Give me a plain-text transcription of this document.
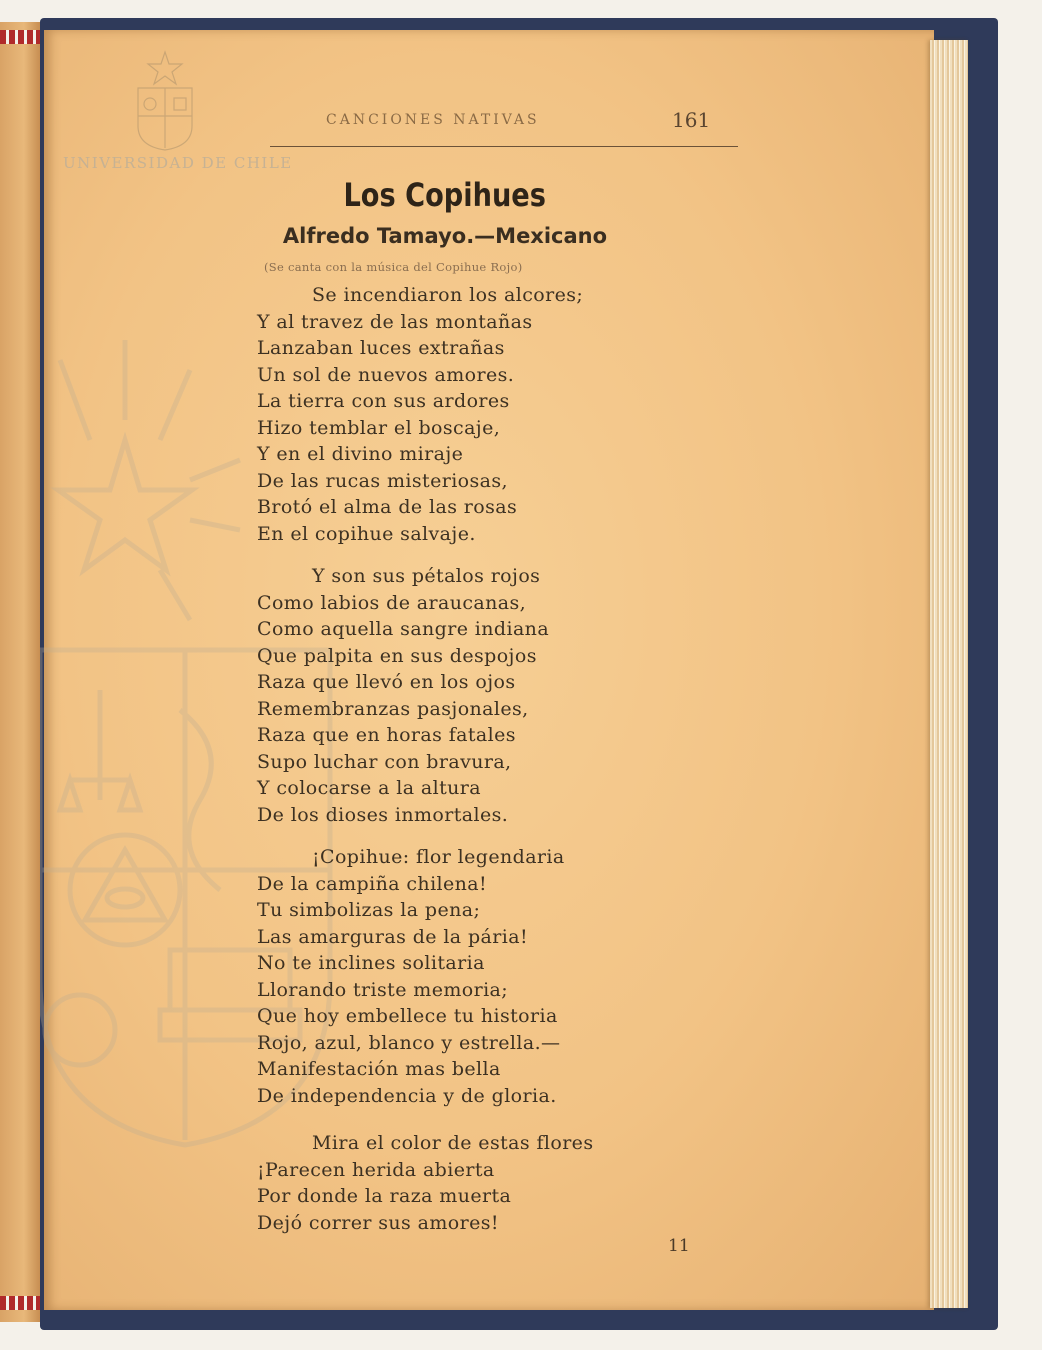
UNIVERSIDAD DE CHILE

CANCIONES NATIVAS	161

Los Copihues
Alfredo Tamayo.—Mexicano

(Se canta con la música del Copihue Rojo)

Se incendiaron los alcores;
Y al travez de las montañas
Lanzaban luces extrañas
Un sol de nuevos amores.
La tierra con sus ardores
Hizo temblar el boscaje,
Y en el divino miraje
De las rucas misteriosas,
Brotó el alma de las rosas
En el copihue salvaje.
Y son sus pétalos rojos
Como labios de araucanas,
Como aquella sangre indiana
Que palpita en sus despojos
Raza que llevó en los ojos
Remembranzas pasjonales,
Raza que en horas fatales
Supo luchar con bravura,
Y colocarse a la altura
De los dioses inmortales.
¡Copihue: flor legendaria
De la campiña chilena!
Tu simbolizas la pena;
Las amarguras de la pária!
No te inclines solitaria
Llorando triste memoria;
Que hoy embellece tu historia
Rojo, azul, blanco y estrella.—
Manifestación mas bella
De independencia y de gloria.
Mira el color de estas flores
¡Parecen herida abierta
Por donde la raza muerta
Dejó correr sus amores!

11
